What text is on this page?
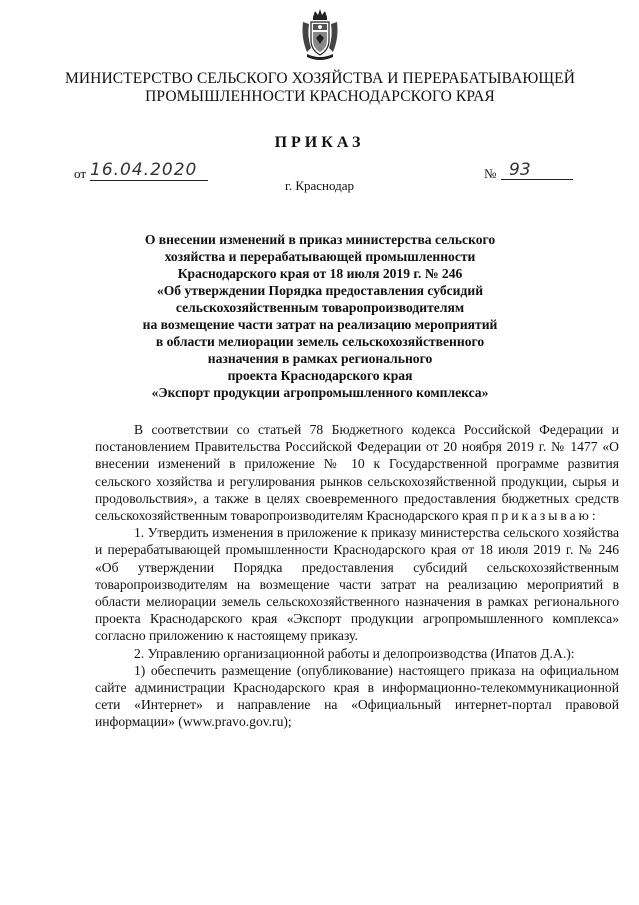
МИНИСТЕРСТВО СЕЛЬСКОГО ХОЗЯЙСТВА И ПЕРЕРАБАТЫВАЮЩЕЙ
ПРОМЫШЛЕННОСТИ КРАСНОДАРСКОГО КРАЯ
ПРИКАЗ
от 16.04.2020	№ 93
г. Краснодар
О внесении изменений в приказ министерства сельского
хозяйства и перерабатывающей промышленности
Краснодарского края от 18 июля 2019 г. № 246
«Об утверждении Порядка предоставления субсидий
сельскохозяйственным товаропроизводителям
на возмещение части затрат на реализацию мероприятий
в области мелиорации земель сельскохозяйственного
назначения в рамках регионального
проекта Краснодарского края
«Экспорт продукции агропромышленного комплекса»

В соответствии со статьей 78 Бюджетного кодекса Российской Федерации и постановлением Правительства Российской Федерации от 20 ноября 2019 г. № 1477 «О внесении изменений в приложение № 10 к Государственной программе развития сельского хозяйства и регулирования рынков сельскохозяйственной продукции, сырья и продовольствия», а также в целях своевременного предоставления бюджетных средств сельскохозяйственным товаропроизводителям Краснодарского края приказываю:

1. Утвердить изменения в приложение к приказу министерства сельского хозяйства и перерабатывающей промышленности Краснодарского края от 18 июля 2019 г. № 246 «Об утверждении Порядка предоставления субсидий сельскохозяйственным товаропроизводителям на возмещение части затрат на реализацию мероприятий в области мелиорации земель сельскохозяйственного назначения в рамках регионального проекта Краснодарского края «Экспорт продукции агропромышленного комплекса» согласно приложению к настоящему приказу.

2. Управлению организационной работы и делопроизводства (Ипатов Д.А.):

1) обеспечить размещение (опубликование) настоящего приказа на официальном сайте администрации Краснодарского края в информационно-телекоммуникационной сети «Интернет» и направление на «Официальный интернет-портал правовой информации» (www.pravo.gov.ru);
